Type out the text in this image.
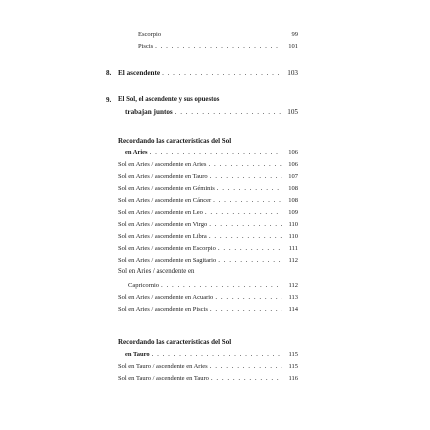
Escorpio	99
Piscis . . .	101
8. El ascendente . . .	103
9. El Sol, el ascendente y sus opuestos
trabajan juntos . . .	105
Recordando las características del Sol
en Aries . . .	106
Sol en Aries / ascendente en Aries . . .	106
Sol en Aries / ascendente en Tauro . . .	107
Sol en Aries / ascendente en Géminis . . .	108
Sol en Aries / ascendente en Cáncer . . .	108
Sol en Aries / ascendente en Leo . . .	109
Sol en Aries / ascendente en Virgo . . .	110
Sol en Aries / ascendente en Libra . . .	110
Sol en Aries / ascendente en Escorpio . . .	111
Sol en Aries / ascendente en Sagitario . . .	112
Sol en Aries / ascendente en
Capricornio . . .	112
Sol en Aries / ascendente en Acuario . . .	113
Sol en Aries / ascendente en Piscis . . .	114
Recordando las características del Sol
en Tauro . . .	115
Sol en Tauro / ascendente en Aries . . .	115
Sol en Tauro / ascendente en Tauro . . .	116
